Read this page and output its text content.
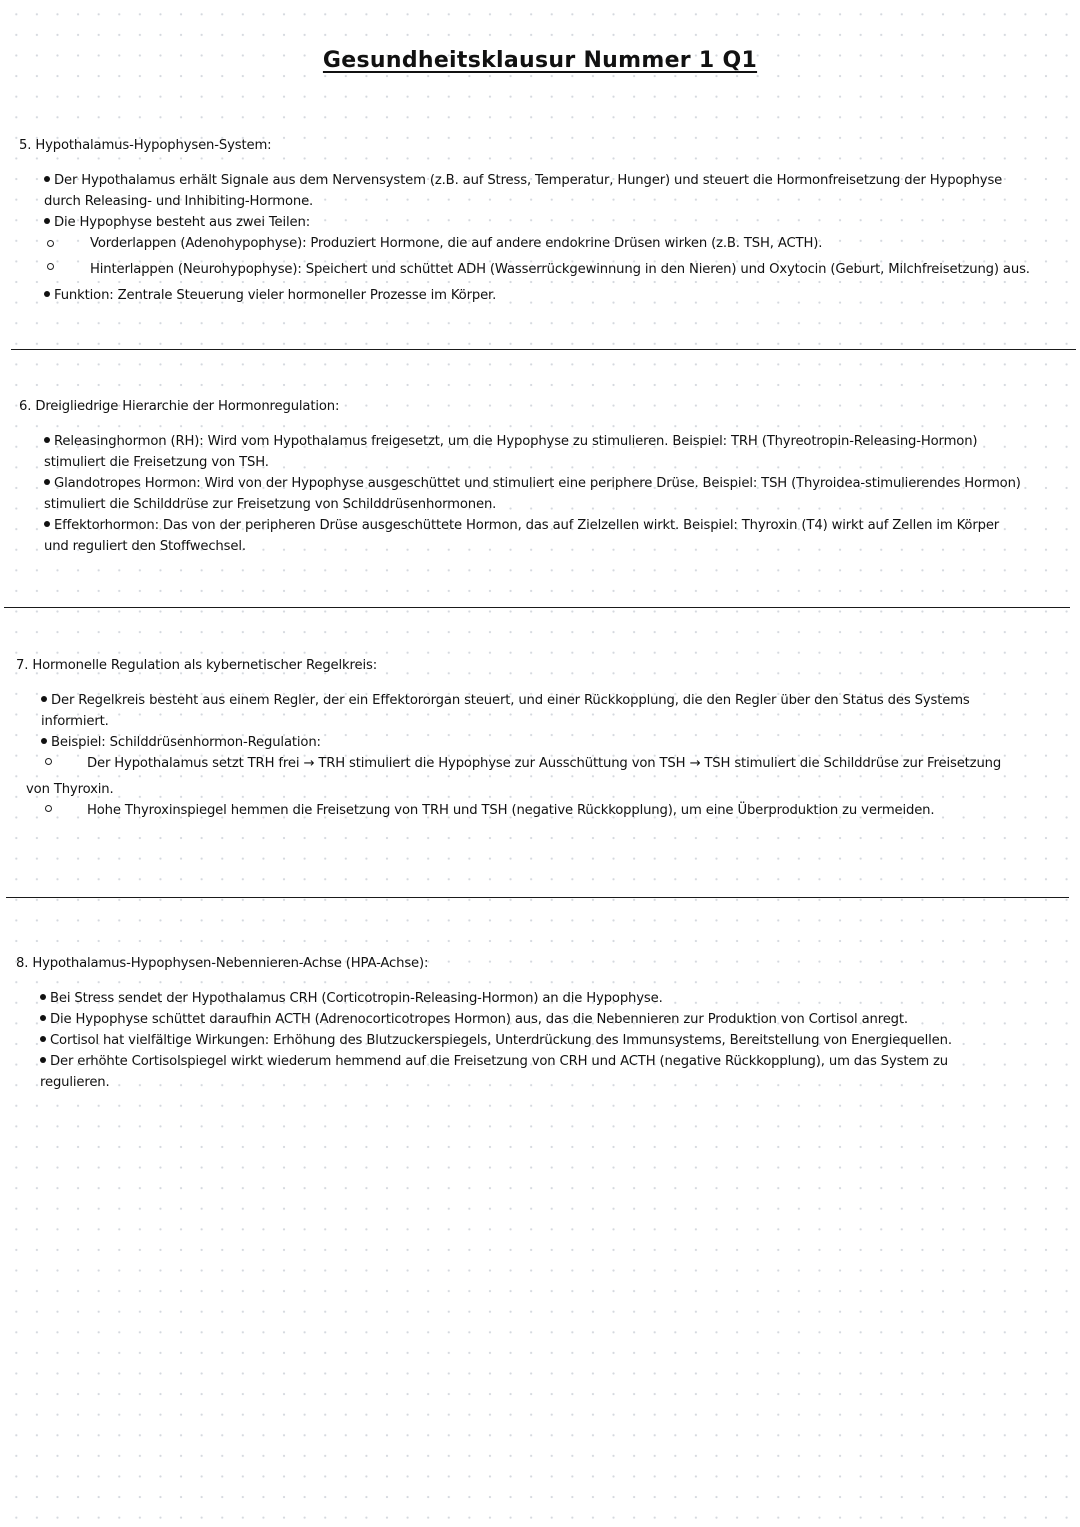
Gesundheitsklausur Nummer 1 Q1
5. Hypothalamus-Hypophysen-System:
Der Hypothalamus erhält Signale aus dem Nervensystem (z.B. auf Stress, Temperatur, Hunger) und steuert die Hormonfreisetzung der Hypophyse
durch Releasing- und Inhibiting-Hormone.
Die Hypophyse besteht aus zwei Teilen:
Vorderlappen (Adenohypophyse): Produziert Hormone, die auf andere endokrine Drüsen wirken (z.B. TSH, ACTH).
Hinterlappen (Neurohypophyse): Speichert und schüttet ADH (Wasserrückgewinnung in den Nieren) und Oxytocin (Geburt, Milchfreisetzung) aus.
Funktion: Zentrale Steuerung vieler hormoneller Prozesse im Körper.
6. Dreigliedrige Hierarchie der Hormonregulation:
Releasinghormon (RH): Wird vom Hypothalamus freigesetzt, um die Hypophyse zu stimulieren. Beispiel: TRH (Thyreotropin-Releasing-Hormon)
stimuliert die Freisetzung von TSH.
Glandotropes Hormon: Wird von der Hypophyse ausgeschüttet und stimuliert eine periphere Drüse. Beispiel: TSH (Thyroidea-stimulierendes Hormon)
stimuliert die Schilddrüse zur Freisetzung von Schilddrüsenhormonen.
Effektorhormon: Das von der peripheren Drüse ausgeschüttete Hormon, das auf Zielzellen wirkt. Beispiel: Thyroxin (T4) wirkt auf Zellen im Körper
und reguliert den Stoffwechsel.
7. Hormonelle Regulation als kybernetischer Regelkreis:
Der Regelkreis besteht aus einem Regler, der ein Effektororgan steuert, und einer Rückkopplung, die den Regler über den Status des Systems
informiert.
Beispiel: Schilddrüsenhormon-Regulation:
Der Hypothalamus setzt TRH frei → TRH stimuliert die Hypophyse zur Ausschüttung von TSH → TSH stimuliert die Schilddrüse zur Freisetzung
von Thyroxin.
Hohe Thyroxinspiegel hemmen die Freisetzung von TRH und TSH (negative Rückkopplung), um eine Überproduktion zu vermeiden.
8. Hypothalamus-Hypophysen-Nebennieren-Achse (HPA-Achse):
Bei Stress sendet der Hypothalamus CRH (Corticotropin-Releasing-Hormon) an die Hypophyse.
Die Hypophyse schüttet daraufhin ACTH (Adrenocorticotropes Hormon) aus, das die Nebennieren zur Produktion von Cortisol anregt.
Cortisol hat vielfältige Wirkungen: Erhöhung des Blutzuckerspiegels, Unterdrückung des Immunsystems, Bereitstellung von Energiequellen.
Der erhöhte Cortisolspiegel wirkt wiederum hemmend auf die Freisetzung von CRH und ACTH (negative Rückkopplung), um das System zu
regulieren.
